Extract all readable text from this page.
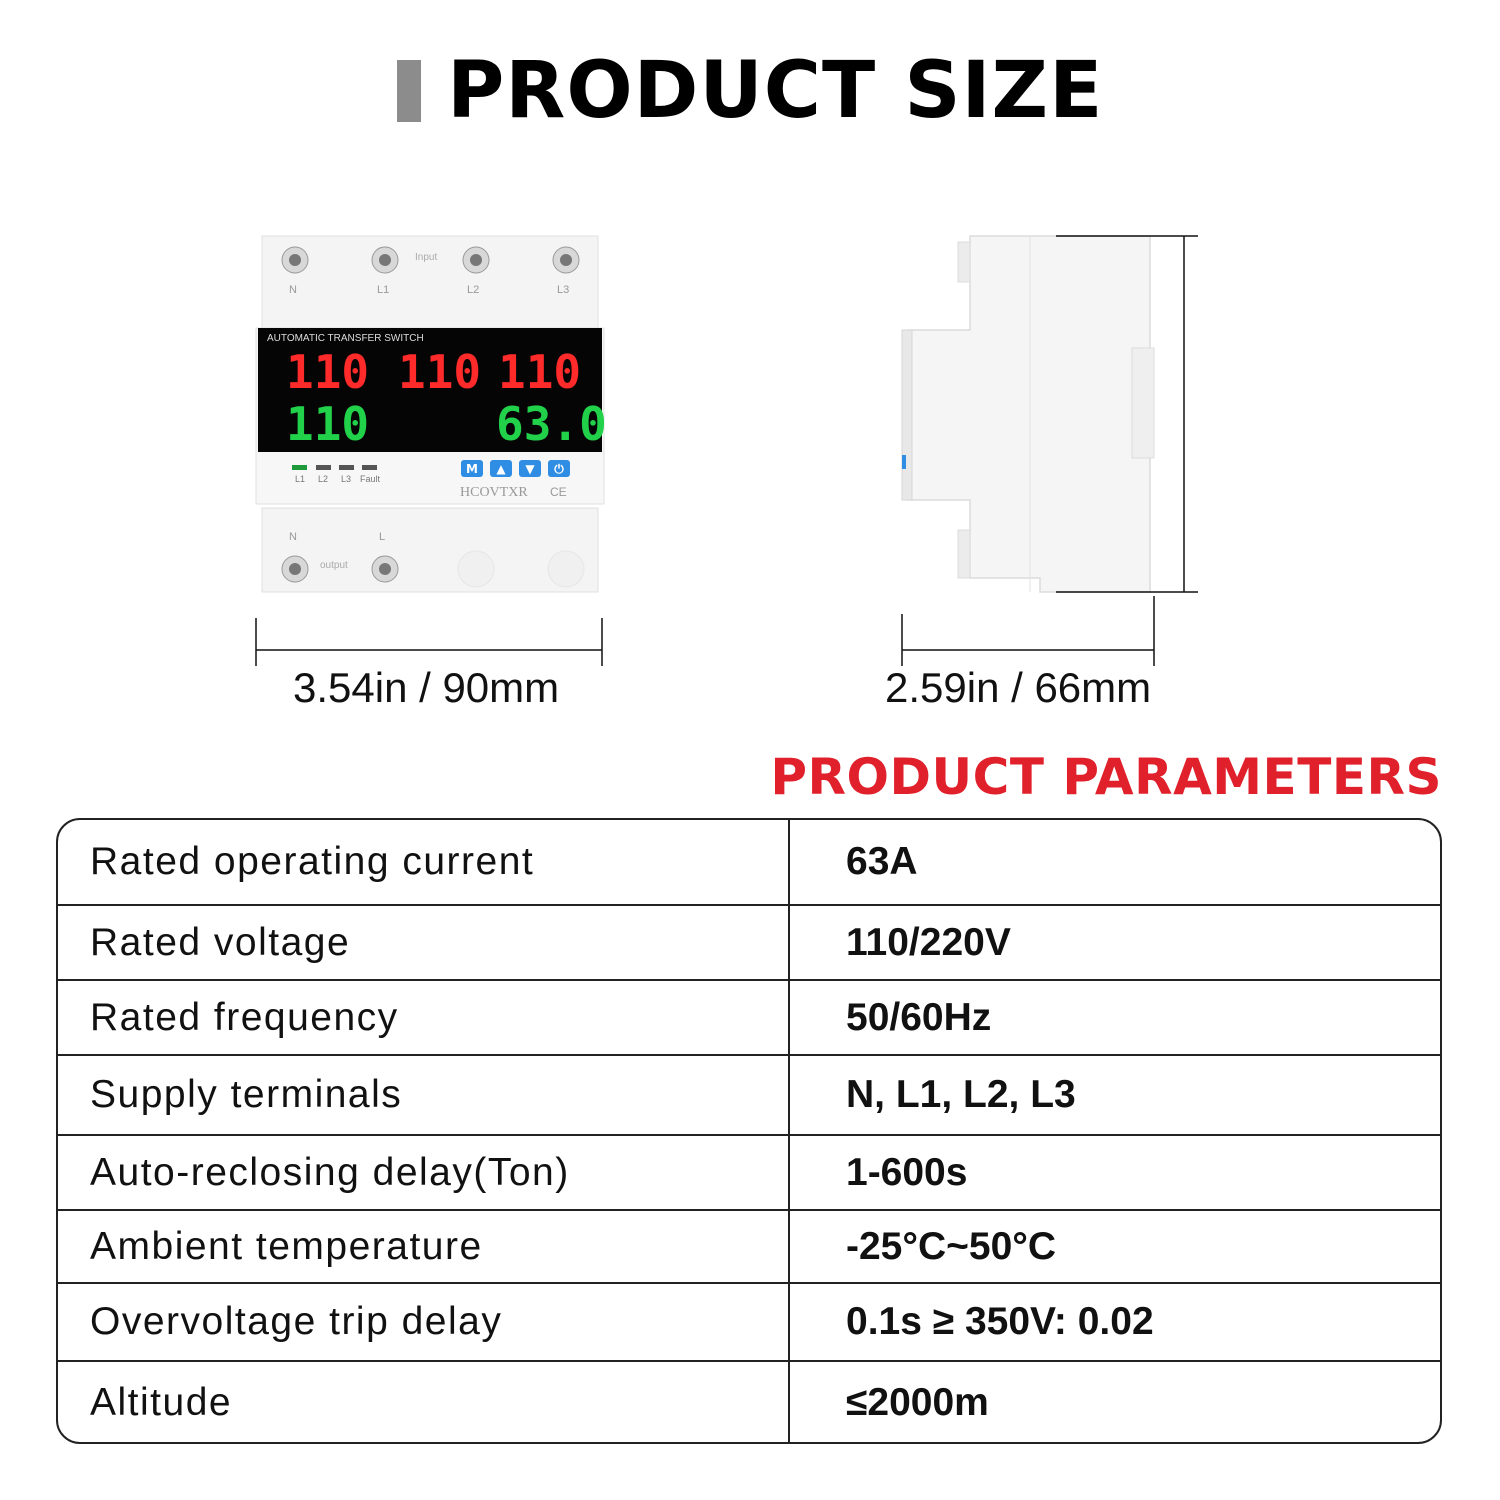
PRODUCT SIZE
Input
N	L1	L2	L3
AUTOMATIC TRANSFER SWITCH
110 110 110
110	63.0
L1 L2 L3 Fault
M ▲ ▼ ⏻
HCOVTXR CE
N	L
output
3.54in / 90mm	2.59in / 66mm
PRODUCT PARAMETERS
Rated operating current	63A
Rated voltage	110/220V
Rated frequency	50/60Hz
Supply terminals	N, L1, L2, L3
Auto-reclosing delay(Ton)	1-600s
Ambient temperature	-25°C~50°C
Overvoltage trip delay	0.1s ≥ 350V: 0.02
Altitude	≤2000m
